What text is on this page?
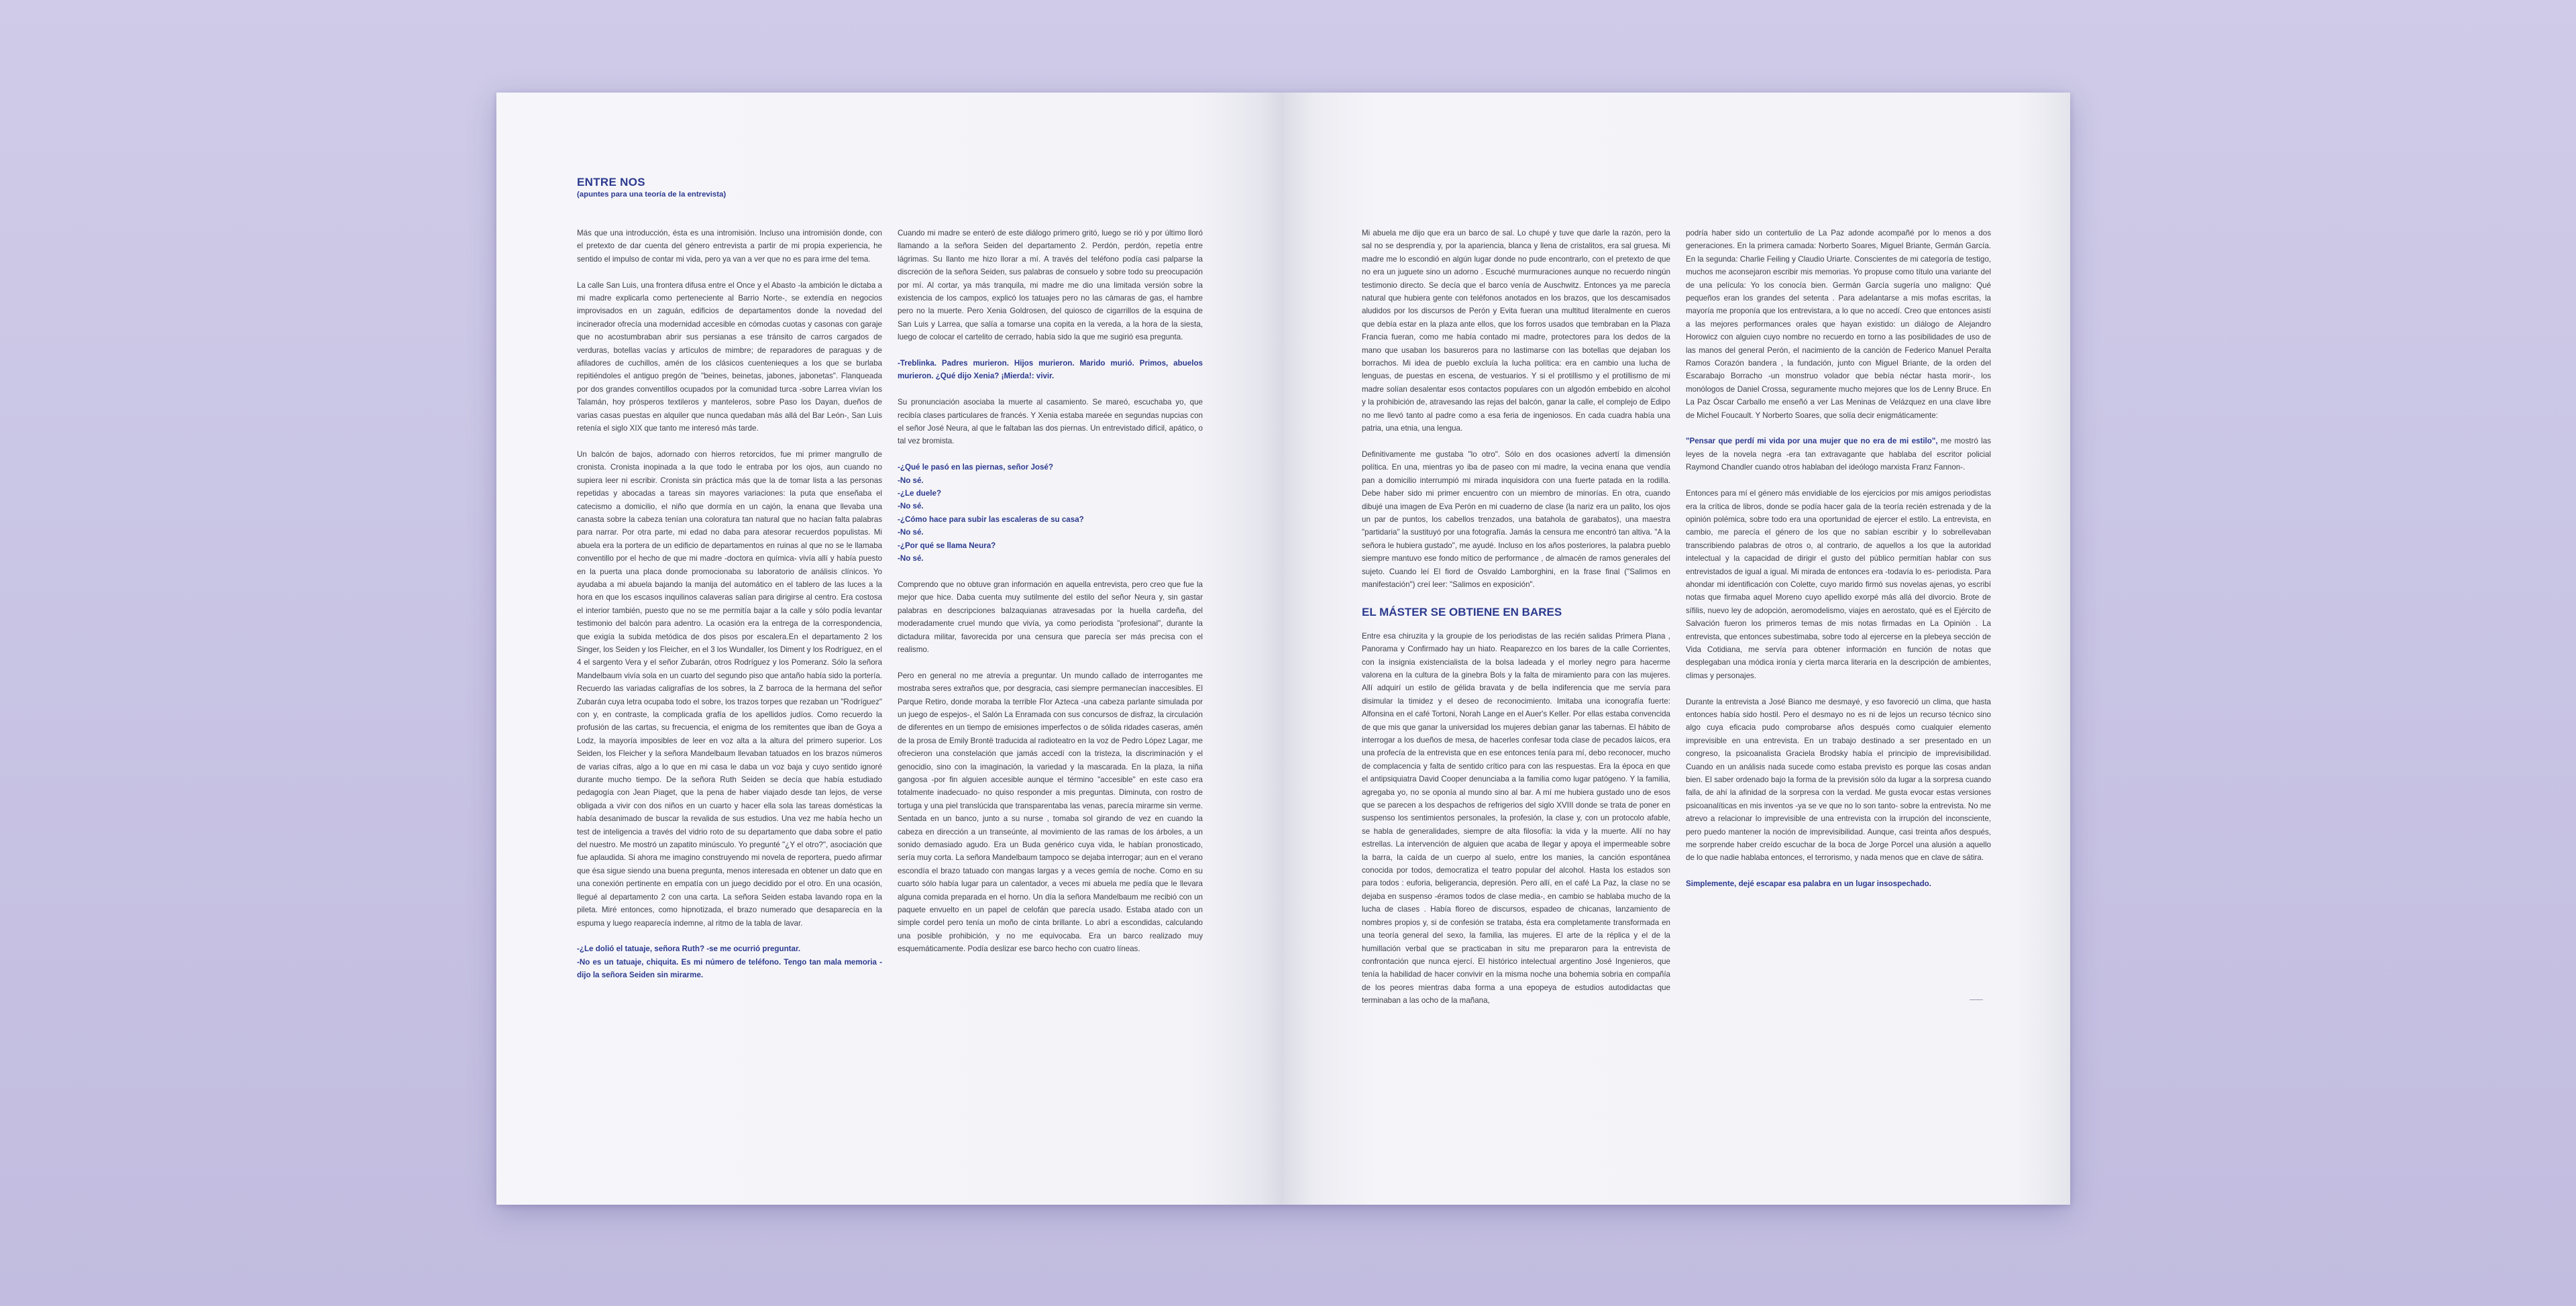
ENTRE NOS
(apuntes para una teoría de la entrevista)

Más que una introducción, ésta es una intromisión. Incluso una intromisión donde, con el pretexto de dar cuenta del género entrevista a partir de mi propia experiencia, he sentido el impulso de contar mi vida, pero ya van a ver que no es para irme del tema.

La calle San Luis, una frontera difusa entre el Once y el Abasto -la ambición le dictaba a mi madre explicarla como perteneciente al Barrio Norte-, se extendía en negocios improvisados en un zaguán, edificios de departamentos donde la novedad del incinerador ofrecía una modernidad accesible en cómodas cuotas y casonas con garaje que no acostumbraban abrir sus persianas a ese tránsito de carros cargados de verduras, botellas vacías y artículos de mimbre; de reparadores de paraguas y de afiladores de cuchillos, amén de los clásicos cuentenieques a los que se burlaba repitiéndoles el antiguo pregón de "beines, beinetas, jabones, jabonetas". Flanqueada por dos grandes conventillos ocupados por la comunidad turca -sobre Larrea vivían los Talamán, hoy prósperos textileros y manteleros, sobre Paso los Dayan, dueños de varias casas puestas en alquiler que nunca quedaban más allá del Bar León-, San Luis retenía el siglo XIX que tanto me interesó más tarde.

Un balcón de bajos, adornado con hierros retorcidos, fue mi primer mangrullo de cronista. Cronista inopinada a la que todo le entraba por los ojos, aun cuando no supiera leer ni escribir. Cronista sin práctica más que la de tomar lista a las personas repetidas y abocadas a tareas sin mayores variaciones: la puta que enseñaba el catecismo a domicilio, el niño que dormía en un cajón, la enana que llevaba una canasta sobre la cabeza tenían una coloratura tan natural que no hacían falta palabras para narrar. Por otra parte, mi edad no daba para atesorar recuerdos populistas. Mi abuela era la portera de un edificio de departamentos en ruinas al que no se le llamaba conventillo por el hecho de que mi madre -doctora en química- vivía allí y había puesto en la puerta una placa donde promocionaba su laboratorio de análisis clínicos. Yo ayudaba a mi abuela bajando la manija del automático en el tablero de las luces a la hora en que los escasos inquilinos calaveras salían para dirigirse al centro. Era costosa el interior también, puesto que no se me permitía bajar a la calle y sólo podía levantar testimonio del balcón para adentro. La ocasión era la entrega de la correspondencia, que exigía la subida metódica de dos pisos por escalera.En el departamento 2 los Singer, los Seiden y los Fleicher, en el 3 los Wundaller, los Diment y los Rodríguez, en el 4 el sargento Vera y el señor Zubarán, otros Rodríguez y los Pomeranz. Sólo la señora Mandelbaum vivía sola en un cuarto del segundo piso que antaño había sido la portería. Recuerdo las variadas caligrafías de los sobres, la Z barroca de la hermana del señor Zubarán cuya letra ocupaba todo el sobre, los trazos torpes que rezaban un "Rodríguez" con y, en contraste, la complicada grafía de los apellidos judíos. Como recuerdo la profusión de las cartas, su frecuencia, el enigma de los remitentes que iban de Goya a Lodz, la mayoría imposibles de leer en voz alta a la altura del primero superior. Los Seiden, los Fleicher y la señora Mandelbaum llevaban tatuados en los brazos números de varias cifras, algo a lo que en mi casa le daba un voz baja y cuyo sentido ignoré durante mucho tiempo. De la señora Ruth Seiden se decía que había estudiado pedagogía con Jean Piaget, que la pena de haber viajado desde tan lejos, de verse obligada a vivir con dos niños en un cuarto y hacer ella sola las tareas domésticas la había desanimado de buscar la revalida de sus estudios. Una vez me había hecho un test de inteligencia a través del vidrio roto de su departamento que daba sobre el patio del nuestro. Me mostró un zapatito minúsculo. Yo pregunté "¿Y el otro?", asociación que fue aplaudida. Si ahora me imagino construyendo mi novela de reportera, puedo afirmar que ésa sigue siendo una buena pregunta, menos interesada en obtener un dato que en una conexión pertinente en empatía con un juego decidido por el otro. En una ocasión, llegué al departamento 2 con una carta. La señora Seiden estaba lavando ropa en la pileta. Miré entonces, como hipnotizada, el brazo numerado que desaparecía en la espuma y luego reaparecía indemne, al ritmo de la tabla de lavar.

-¿Le dolió el tatuaje, señora Ruth? -se me ocurrió preguntar.
-No es un tatuaje, chiquita. Es mi número de teléfono. Tengo tan mala memoria -dijo la señora Seiden sin mirarme.

Cuando mi madre se enteró de este diálogo primero gritó, luego se rió y por último lloró llamando a la señora Seiden del departamento 2. Perdón, perdón, repetía entre lágrimas. Su llanto me hizo llorar a mí. A través del teléfono podía casi palparse la discreción de la señora Seiden, sus palabras de consuelo y sobre todo su preocupación por mí. Al cortar, ya más tranquila, mi madre me dio una limitada versión sobre la existencia de los campos, explicó los tatuajes pero no las cámaras de gas, el hambre pero no la muerte. Pero Xenia Goldrosen, del quiosco de cigarrillos de la esquina de San Luis y Larrea, que salía a tomarse una copita en la vereda, a la hora de la siesta, luego de colocar el cartelito de cerrado, había sido la que me sugirió esa pregunta.

-Treblinka. Padres murieron. Hijos murieron. Marido murió. Primos, abuelos murieron. ¿Qué dijo Xenia? ¡Mierda!: vivir.

Su pronunciación asociaba la muerte al casamiento. Se mareó, escuchaba yo, que recibía clases particulares de francés. Y Xenia estaba mareée en segundas nupcias con el señor José Neura, al que le faltaban las dos piernas. Un entrevistado difícil, apático, o tal vez bromista.

-¿Qué le pasó en las piernas, señor José?
-No sé.
-¿Le duele?
-No sé.
-¿Cómo hace para subir las escaleras de su casa?
-No sé.
-¿Por qué se llama Neura?
-No sé.

Comprendo que no obtuve gran información en aquella entrevista, pero creo que fue la mejor que hice. Daba cuenta muy sutilmente del estilo del señor Neura y, sin gastar palabras en descripciones balzaquianas atravesadas por la huella cardeña, del moderadamente cruel mundo que vivía, ya como periodista "profesional", durante la dictadura militar, favorecida por una censura que parecía ser más precisa con el realismo.

Pero en general no me atrevía a preguntar. Un mundo callado de interrogantes me mostraba seres extraños que, por desgracia, casi siempre permanecían inaccesibles. El Parque Retiro, donde moraba la terrible Flor Azteca -una cabeza parlante simulada por un juego de espejos-, el Salón La Enramada con sus concursos de disfraz, la circulación de diferentes en un tiempo de emisiones imperfectos o de sólida ridades caseras, amén de la prosa de Emily Brontë traducida al radioteatro en la voz de Pedro López Lagar, me ofrecieron una constelación que jamás accedí con la tristeza, la discriminación y el genocidio, sino con la imaginación, la variedad y la mascarada. En la plaza, la niña gangosa -por fin alguien accesible aunque el término "accesible" en este caso era totalmente inadecuado- no quiso responder a mis preguntas. Diminuta, con rostro de tortuga y una piel translúcida que transparentaba las venas, parecía mirarme sin verme. Sentada en un banco, junto a su nurse , tomaba sol girando de vez en cuando la cabeza en dirección a un transeúnte, al movimiento de las ramas de los árboles, a un sonido demasiado agudo. Era un Buda genérico cuya vida, le habían pronosticado, sería muy corta. La señora Mandelbaum tampoco se dejaba interrogar; aun en el verano escondía el brazo tatuado con mangas largas y a veces gemía de noche. Como en su cuarto sólo había lugar para un calentador, a veces mi abuela me pedía que le llevara alguna comida preparada en el horno. Un día la señora Mandelbaum me recibió con un paquete envuelto en un papel de celofán que parecía usado. Estaba atado con un simple cordel pero tenía un moño de cinta brillante. Lo abrí a escondidas, calculando una posible prohibición, y no me equivocaba. Era un barco realizado muy esquemáticamente. Podía deslizar ese barco hecho con cuatro líneas.

Mi abuela me dijo que era un barco de sal. Lo chupé y tuve que darle la razón, pero la sal no se desprendía y, por la apariencia, blanca y llena de cristalitos, era sal gruesa. Mi madre me lo escondió en algún lugar donde no pude encontrarlo, con el pretexto de que no era un juguete sino un adorno . Escuché murmuraciones aunque no recuerdo ningún testimonio directo. Se decía que el barco venía de Auschwitz. Entonces ya me parecía natural que hubiera gente con teléfonos anotados en los brazos, que los descamisados aludidos por los discursos de Perón y Evita fueran una multitud literalmente en cueros que debía estar en la plaza ante ellos, que los forros usados que tembraban en la Plaza Francia fueran, como me había contado mi madre, protectores para los dedos de la mano que usaban los basureros para no lastimarse con las botellas que dejaban los borrachos. Mi idea de pueblo excluía la lucha política: era en cambio una lucha de lenguas, de puestas en escena, de vestuarios. Y si el protillismo y el protillismo de mi madre solían desalentar esos contactos populares con un algodón embebido en alcohol y la prohibición de, atravesando las rejas del balcón, ganar la calle, el complejo de Edipo no me llevó tanto al padre como a esa feria de ingeniosos. En cada cuadra había una patria, una etnia, una lengua.

Definitivamente me gustaba "lo otro". Sólo en dos ocasiones advertí la dimensión política. En una, mientras yo iba de paseo con mi madre, la vecina enana que vendía pan a domicilio interrumpió mi mirada inquisidora con una fuerte patada en la rodilla. Debe haber sido mi primer encuentro con un miembro de minorías. En otra, cuando dibujé una imagen de Eva Perón en mi cuaderno de clase (la nariz era un palito, los ojos un par de puntos, los cabellos trenzados, una batahola de garabatos), una maestra "partidaria" la sustituyó por una fotografía. Jamás la censura me encontró tan altiva. "A la señora le hubiera gustado", me ayudé. Incluso en los años posteriores, la palabra pueblo siempre mantuvo ese fondo mítico de performance , de almacén de ramos generales del sujeto. Cuando leí El fiord de Osvaldo Lamborghini, en la frase final ("Salimos en manifestación") creí leer: "Salimos en exposición".

EL MÁSTER SE OBTIENE EN BARES

Entre esa chiruzita y la groupie de los periodistas de las recién salidas Primera Plana , Panorama y Confirmado hay un hiato. Reaparezco en los bares de la calle Corrientes, con la insignia existencialista de la bolsa ladeada y el morley negro para hacerme valorena en la cultura de la ginebra Bols y la falta de miramiento para con las mujeres. Allí adquirí un estilo de gélida bravata y de bella indiferencia que me servía para disimular la timidez y el deseo de reconocimiento. Imitaba una iconografía fuerte: Alfonsina en el café Tortoni, Norah Lange en el Auer's Keller. Por ellas estaba convencida de que mis que ganar la universidad los mujeres debían ganar las tabernas. El hábito de interrogar a los dueños de mesa, de hacerles confesar toda clase de pecados laicos, era una profecía de la entrevista que en ese entonces tenía para mí, debo reconocer, mucho de complacencia y falta de sentido crítico para con las respuestas. Era la época en que el antipsiquiatra David Cooper denunciaba a la familia como lugar patógeno. Y la familia, agregaba yo, no se oponía al mundo sino al bar. A mí me hubiera gustado uno de esos que se parecen a los despachos de refrigerios del siglo XVIII donde se trata de poner en suspenso los sentimientos personales, la profesión, la clase y, con un protocolo afable, se habla de generalidades, siempre de alta filosofía: la vida y la muerte. Allí no hay estrellas. La intervención de alguien que acaba de llegar y apoya el impermeable sobre la barra, la caída de un cuerpo al suelo, entre los manies, la canción espontánea conocida por todos, democratiza el teatro popular del alcohol. Hasta los estados son para todos : euforia, beligerancia, depresión. Pero allí, en el café La Paz, la clase no se dejaba en suspenso -éramos todos de clase media-, en cambio se hablaba mucho de la lucha de clases . Había floreo de discursos, espadeo de chicanas, lanzamiento de nombres propios y, si de confesión se trataba, ésta era completamente transformada en una teoría general del sexo, la familia, las mujeres. El arte de la réplica y el de la humillación verbal que se practicaban in situ me prepararon para la entrevista de confrontación que nunca ejercí. El histórico intelectual argentino José Ingenieros, que tenía la habilidad de hacer convivir en la misma noche una bohemia sobria en compañía de los peores mientras daba forma a una epopeya de estudios autodidactas que terminaban a las ocho de la mañana,

podría haber sido un contertulio de La Paz adonde acompañé por lo menos a dos generaciones. En la primera camada: Norberto Soares, Miguel Briante, Germán García. En la segunda: Charlie Feiling y Claudio Uriarte. Conscientes de mi categoría de testigo, muchos me aconsejaron escribir mis memorias. Yo propuse como título una variante del de una película: Yo los conocía bien. Germán García sugería uno maligno: Qué pequeños eran los grandes del setenta . Para adelantarse a mis mofas escritas, la mayoría me proponía que los entrevistara, a lo que no accedí. Creo que entonces asistí a las mejores performances orales que hayan existido: un diálogo de Alejandro Horowicz con alguien cuyo nombre no recuerdo en torno a las posibilidades de uso de las manos del general Perón, el nacimiento de la canción de Federico Manuel Peralta Ramos Corazón bandera , la fundación, junto con Miguel Briante, de la orden del Escarabajo Borracho -un monstruo volador que bebía néctar hasta morir-, los monólogos de Daniel Crossa, seguramente mucho mejores que los de Lenny Bruce. En La Paz Óscar Carballo me enseñó a ver Las Meninas de Velázquez en una clave libre de Michel Foucault. Y Norberto Soares, que solía decir enigmáticamente:

"Pensar que perdí mi vida por una mujer que no era de mi estilo", me mostró las leyes de la novela negra -era tan extravagante que hablaba del escritor policial Raymond Chandler cuando otros hablaban del ideólogo marxista Franz Fannon-.

Entonces para mí el género más envidiable de los ejercicios por mis amigos periodistas era la crítica de libros, donde se podía hacer gala de la teoría recién estrenada y de la opinión polémica, sobre todo era una oportunidad de ejercer el estilo. La entrevista, en cambio, me parecía el género de los que no sabían escribir y lo sobrellevaban transcribiendo palabras de otros o, al contrario, de aquellos a los que la autoridad intelectual y la capacidad de dirigir el gusto del público permitían hablar con sus entrevistados de igual a igual. Mi mirada de entonces era -todavía lo es- periodista. Para ahondar mi identificación con Colette, cuyo marido firmó sus novelas ajenas, yo escribí notas que firmaba aquel Moreno cuyo apellido exorpé más allá del divorcio. Brote de sífilis, nuevo ley de adopción, aeromodelismo, viajes en aerostato, qué es el Ejército de Salvación fueron los primeros temas de mis notas firmadas en La Opinión . La entrevista, que entonces subestimaba, sobre todo al ejercerse en la plebeya sección de Vida Cotidiana, me servía para obtener información en función de notas que desplegaban una módica ironía y cierta marca literaria en la descripción de ambientes, climas y personajes.

Durante la entrevista a José Bianco me desmayé, y eso favoreció un clima, que hasta entonces había sido hostil. Pero el desmayo no es ni de lejos un recurso técnico sino algo cuya eficacia pudo comprobarse años después como cualquier elemento imprevisible en una entrevista. En un trabajo destinado a ser presentado en un congreso, la psicoanalista Graciela Brodsky había el principio de imprevisibilidad. Cuando en un análisis nada sucede como estaba previsto es porque las cosas andan bien. El saber ordenado bajo la forma de la previsión sólo da lugar a la sorpresa cuando falla, de ahí la afinidad de la sorpresa con la verdad. Me gusta evocar estas versiones psicoanalíticas en mis inventos -ya se ve que no lo son tanto- sobre la entrevista. No me atrevo a relacionar lo imprevisible de una entrevista con la irrupción del inconsciente, pero puedo mantener la noción de imprevisibilidad. Aunque, casi treinta años después, me sorprende haber creído escuchar de la boca de Jorge Porcel una alusión a aquello de lo que nadie hablaba entonces, el terrorismo, y nada menos que en clave de sátira.

Simplemente, dejé escapar esa palabra en un lugar insospechado.
